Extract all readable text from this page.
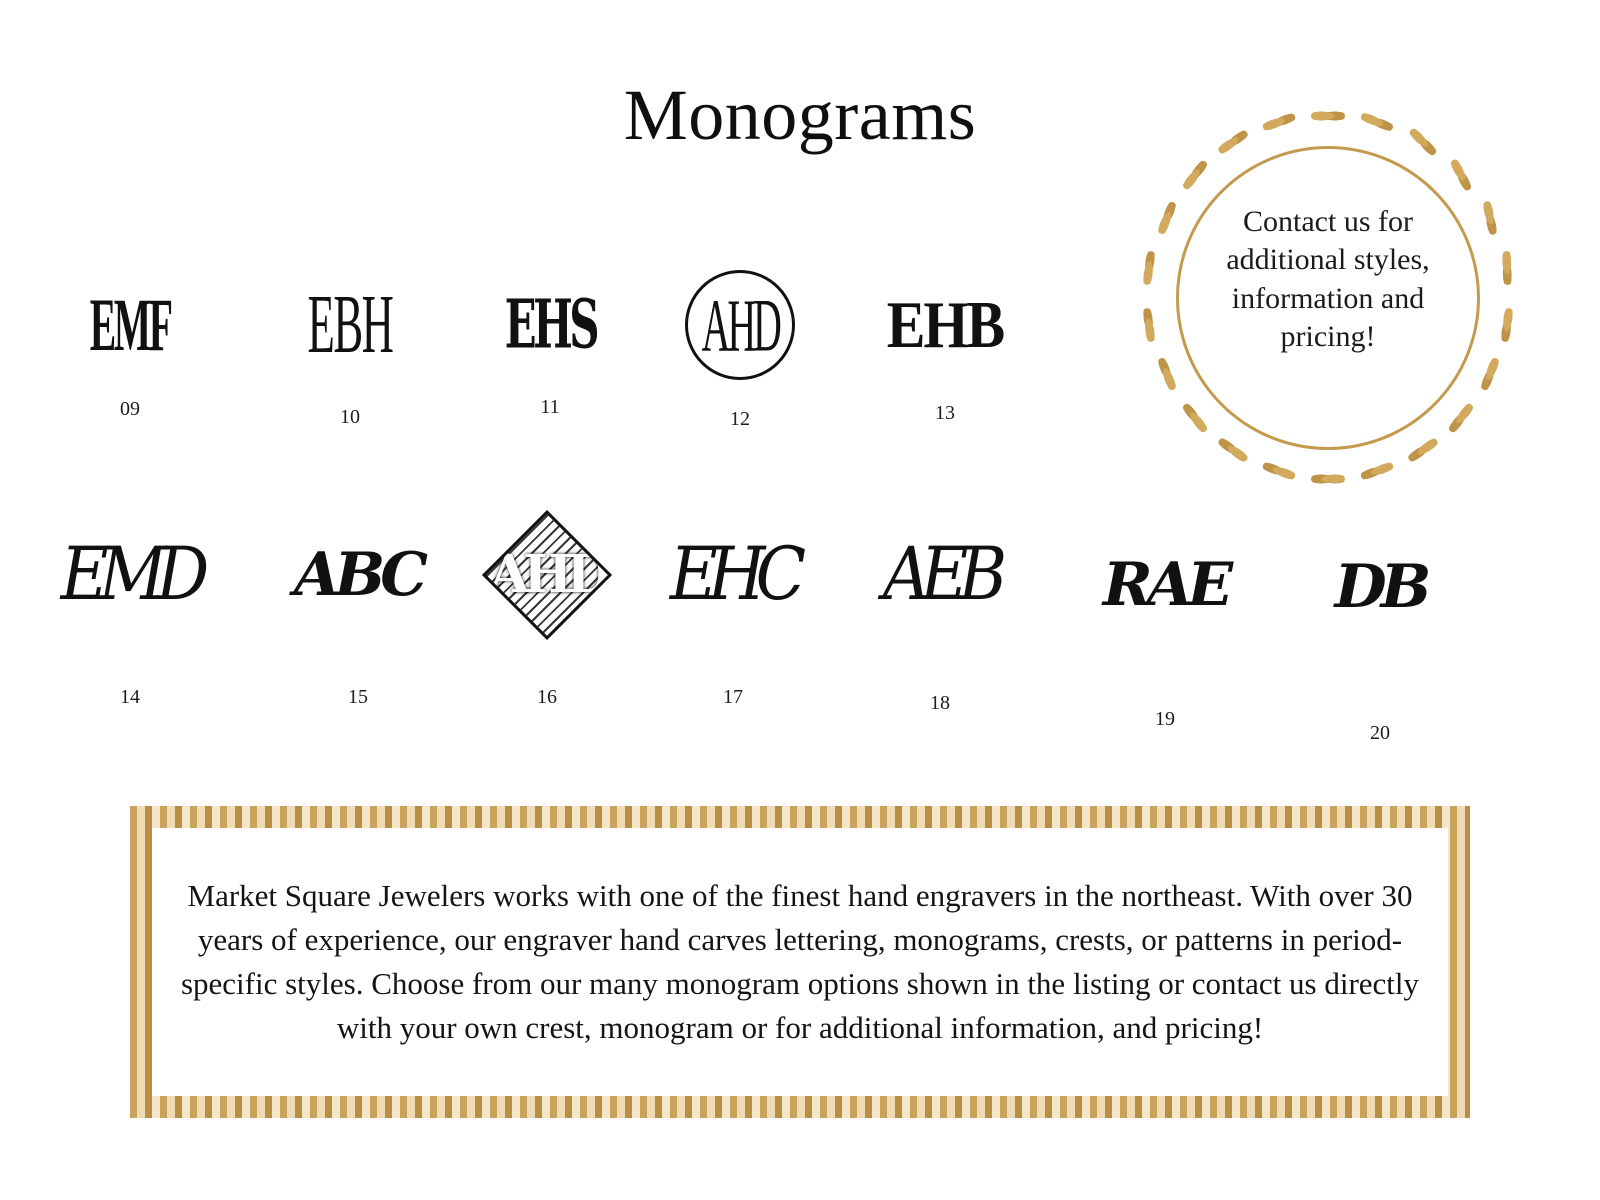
Monograms
EMF
09
EBH
10
EHS
11
AHD
12
EHB
13
EMD
14
ABC
15
AHD
16
EHC
17
AEB
18
RAE
19
DB
20
Contact us for additional styles, information and pricing!
Market Square Jewelers works with one of the finest hand engravers in the northeast. With over 30 years of experience, our engraver hand carves lettering, monograms, crests, or patterns in period-specific styles. Choose from our many monogram options shown in the listing or contact us directly with your own crest, monogram or for additional information, and pricing!
